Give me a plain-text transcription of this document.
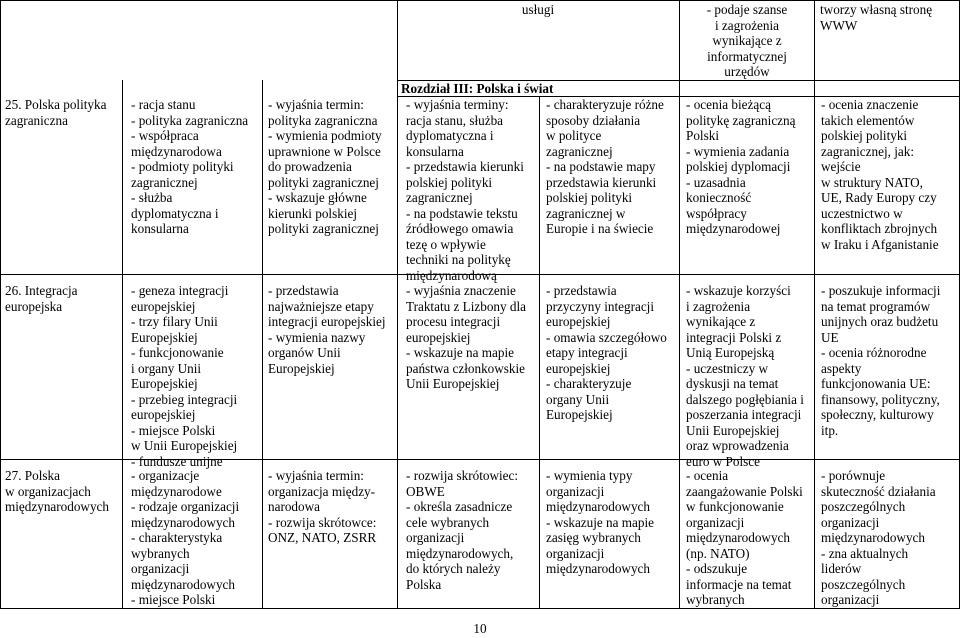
usługi	- podaje szanse
i zagrożenia
wynikające z
informatycznej
urzędów
tworzy własną stronę
WWW
Rozdział III: Polska i świat
25. Polska polityka
zagraniczna
- racja stanu
- polityka zagraniczna
- współpraca
międzynarodowa
- podmioty polityki
zagranicznej
- służba
dyplomatyczna i
konsularna
- wyjaśnia termin:
polityka zagraniczna
- wymienia podmioty
uprawnione w Polsce
do prowadzenia
polityki zagranicznej
- wskazuje główne
kierunki polskiej
polityki zagranicznej
- wyjaśnia terminy:
racja stanu, służba
dyplomatyczna i
konsularna
- przedstawia kierunki
polskiej polityki
zagranicznej
- na podstawie tekstu
źródłowego omawia
tezę o wpływie
techniki na politykę
międzynarodową
- charakteryzuje różne
sposoby działania
w polityce
zagranicznej
- na podstawie mapy
przedstawia kierunki
polskiej polityki
zagranicznej w
Europie i na świecie
- ocenia bieżącą
politykę zagraniczną
Polski
- wymienia zadania
polskiej dyplomacji
- uzasadnia
konieczność
współpracy
międzynarodowej
- ocenia znaczenie
takich elementów
polskiej polityki
zagranicznej, jak:
wejście
w struktury NATO,
UE, Rady Europy czy
uczestnictwo w
konfliktach zbrojnych
w Iraku i Afganistanie
26. Integracja
europejska
- geneza integracji
europejskiej
- trzy filary Unii
Europejskiej
- funkcjonowanie
i organy Unii
Europejskiej
- przebieg integracji
europejskiej
- miejsce Polski
w Unii Europejskiej
- fundusze unijne
- przedstawia
najważniejsze etapy
integracji europejskiej
- wymienia nazwy
organów Unii
Europejskiej
- wyjaśnia znaczenie
Traktatu z Lizbony dla
procesu integracji
europejskiej
- wskazuje na mapie
państwa członkowskie
Unii Europejskiej
- przedstawia
przyczyny integracji
europejskiej
- omawia szczegółowo
etapy integracji
europejskiej
- charakteryzuje
organy Unii
Europejskiej
- wskazuje korzyści
i zagrożenia
wynikające z
integracji Polski z
Unią Europejską
- uczestniczy w
dyskusji na temat
dalszego pogłębiania i
poszerzania integracji
Unii Europejskiej
oraz wprowadzenia
euro w Polsce
- poszukuje informacji
na temat programów
unijnych oraz budżetu
UE
- ocenia różnorodne
aspekty
funkcjonowania UE:
finansowy, polityczny,
społeczny, kulturowy
itp.
27. Polska
w organizacjach
międzynarodowych
- organizacje
międzynarodowe
- rodzaje organizacji
międzynarodowych
- charakterystyka
wybranych
organizacji
międzynarodowych
- miejsce Polski
- wyjaśnia termin:
organizacja między-
narodowa
- rozwija skrótowce:
ONZ, NATO, ZSRR
- rozwija skrótowiec:
OBWE
- określa zasadnicze
cele wybranych
organizacji
międzynarodowych,
do których należy
Polska
- wymienia typy
organizacji
międzynarodowych
- wskazuje na mapie
zasięg wybranych
organizacji
międzynarodowych
- ocenia
zaangażowanie Polski
w funkcjonowanie
organizacji
międzynarodowych
(np. NATO)
- odszukuje
informacje na temat
wybranych
- porównuje
skuteczność działania
poszczególnych
organizacji
międzynarodowych
- zna aktualnych
liderów
poszczególnych
organizacji
10
